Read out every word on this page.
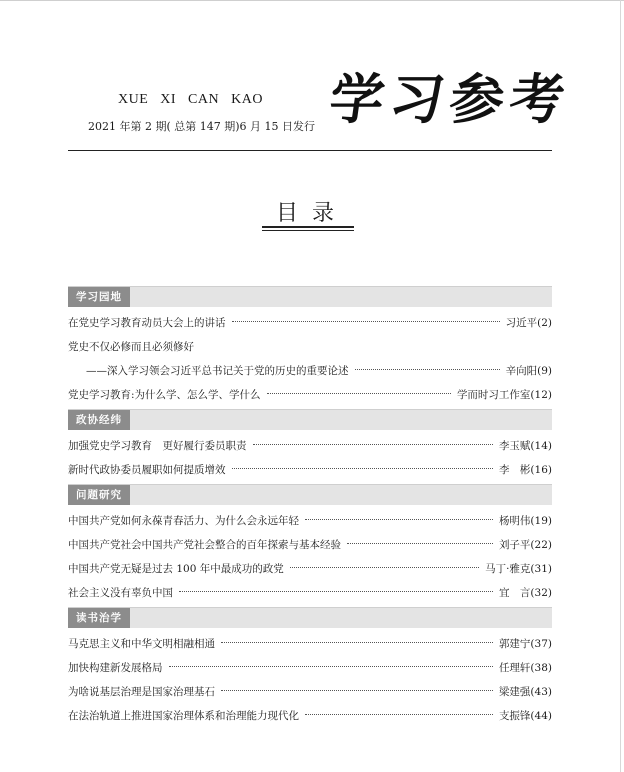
XUE XI CAN KAO
2021 年第 2 期( 总第 147 期)6 月 15 日发行 学习参考
目录
学习园地
在党史学习教育动员大会上的讲话	习近平(2)
党史不仅必修而且必须修好
——深入学习领会习近平总书记关于党的历史的重要论述	辛向阳(9)
党史学习教育:为什么学、怎么学、学什么	学而时习工作室(12)
政协经纬
加强党史学习教育　更好履行委员职责	李玉赋(14)
新时代政协委员履职如何提质增效	李　彬(16)
问题研究
中国共产党如何永葆青春活力、为什么会永远年轻	杨明伟(19)
中国共产党社会中国共产党社会整合的百年探索与基本经验	刘子平(22)
中国共产党无疑是过去 100 年中最成功的政党	马丁·雅克(31)
社会主义没有辜负中国	宜　言(32)
读书治学
马克思主义和中华文明相融相通	郭建宁(37)
加快构建新发展格局	任理轩(38)
为啥说基层治理是国家治理基石	梁建强(43)
在法治轨道上推进国家治理体系和治理能力现代化	支振锋(44)
